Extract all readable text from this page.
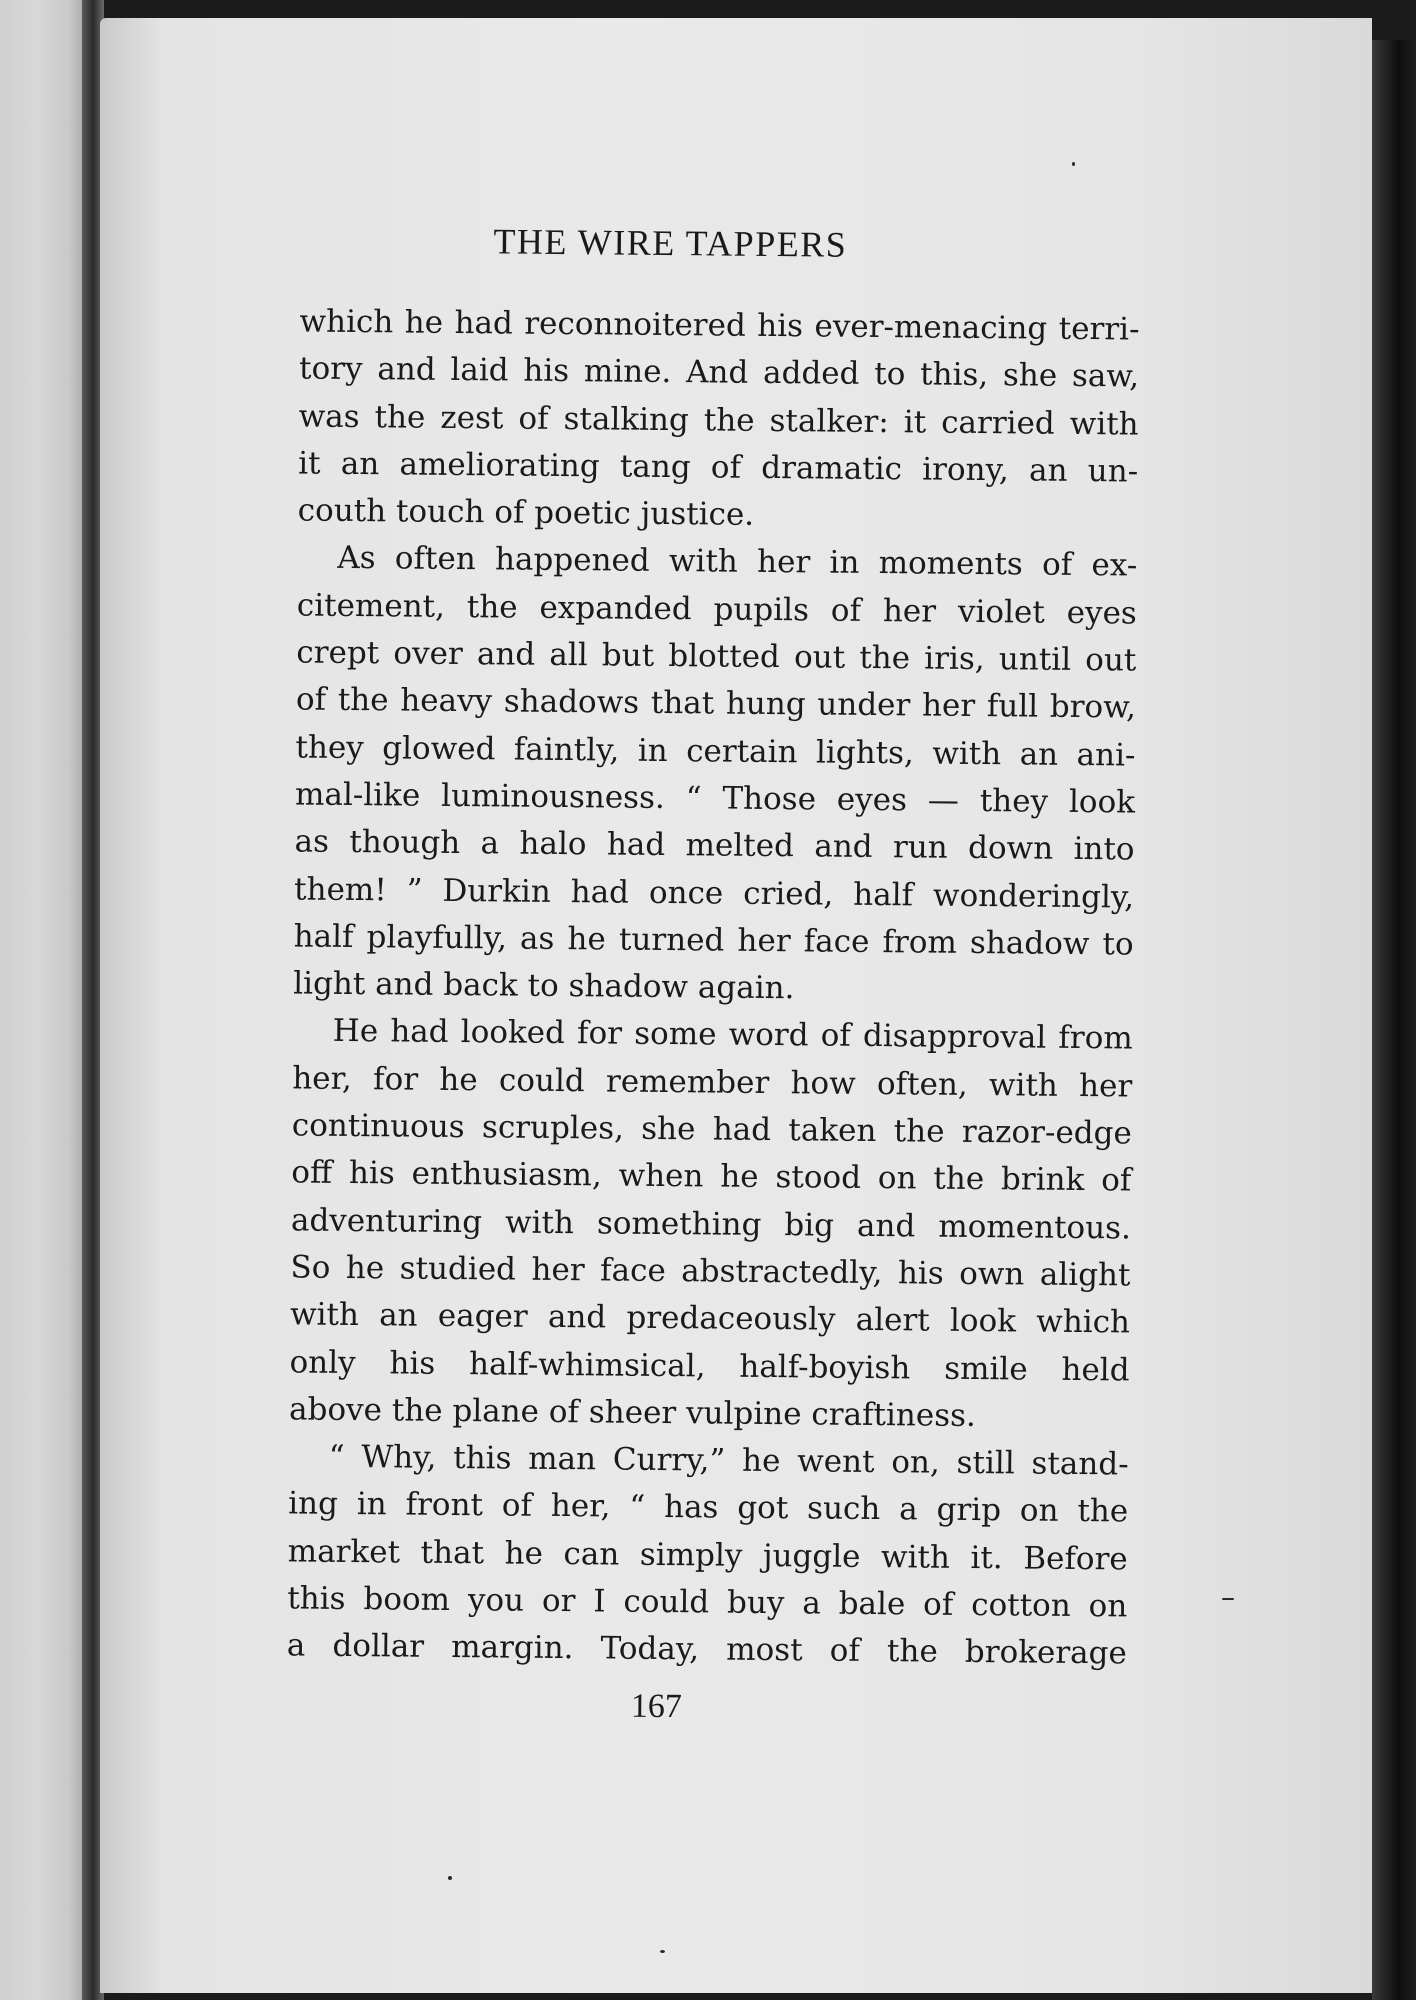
THE WIRE TAPPERS
which he had reconnoitered his ever-menacing terri-
tory and laid his mine. And added to this, she saw,
was the zest of stalking the stalker: it carried with
it an ameliorating tang of dramatic irony, an un-
couth touch of poetic justice.
As often happened with her in moments of ex-
citement, the expanded pupils of her violet eyes
crept over and all but blotted out the iris, until out
of the heavy shadows that hung under her full brow,
they glowed faintly, in certain lights, with an ani-
mal-like luminousness. “ Those eyes — they look
as though a halo had melted and run down into
them! ” Durkin had once cried, half wonderingly,
half playfully, as he turned her face from shadow to
light and back to shadow again.
He had looked for some word of disapproval from
her, for he could remember how often, with her
continuous scruples, she had taken the razor-edge
off his enthusiasm, when he stood on the brink of
adventuring with something big and momentous.
So he studied her face abstractedly, his own alight
with an eager and predaceously alert look which
only his half-whimsical, half-boyish smile held
above the plane of sheer vulpine craftiness.
“ Why, this man Curry,” he went on, still stand-
ing in front of her, “ has got such a grip on the
market that he can simply juggle with it. Before
this boom you or I could buy a bale of cotton on
a dollar margin. Today, most of the brokerage
167
